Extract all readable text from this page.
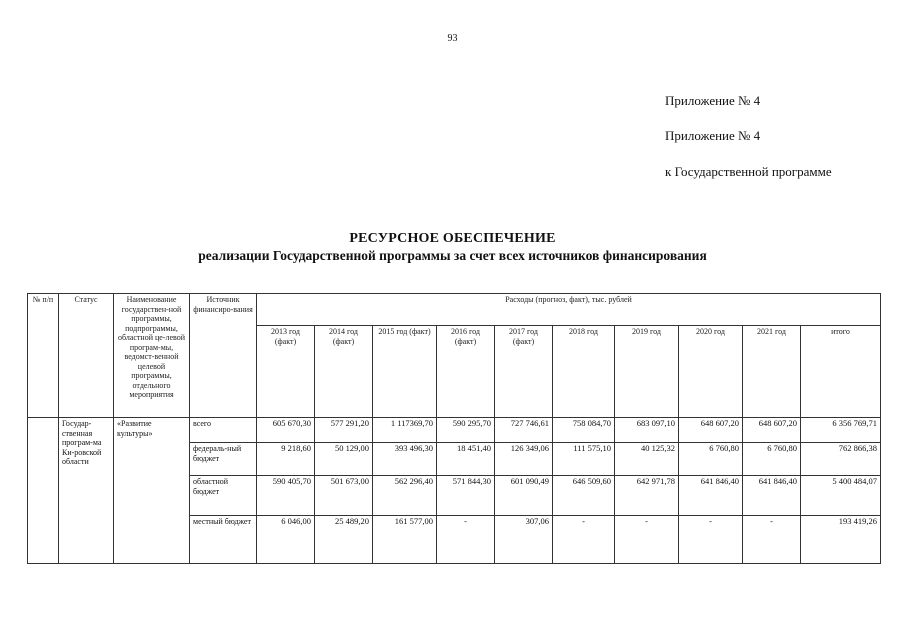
93
Приложение № 4
Приложение № 4
к Государственной программе
РЕСУРСНОЕ ОБЕСПЕЧЕНИЕ
реализации Государственной программы за счет всех источников финансирования
№ п/п	Статус	Наименование государствен-ной программы, подпрограммы, областной це-левой програм-мы, ведомст-венной целевой программы, отдельного мероприятия	Источник финансиро-вания	Расходы (прогноз, факт), тыс. рублей									
				2013 год (факт)	2014 год (факт)	2015 год (факт)	2016 год (факт)	2017 год (факт)	2018 год	2019 год	2020 год	2021 год	итого
	Государ-ственная програм-ма Ки-ровской области	«Развитие культуры»	всего	605 670,30	577 291,20	1 117369,70	590 295,70	727 746,61	758 084,70	683 097,10	648 607,20	648 607,20	6 356 769,71
			федераль-ный бюджет	9 218,60	50 129,00	393 496,30	18 451,40	126 349,06	111 575,10	40 125,32	6 760,80	6 760,80	762 866,38
			областной бюджет	590 405,70	501 673,00	562 296,40	571 844,30	601 090,49	646 509,60	642 971,78	641 846,40	641 846,40	5 400 484,07
			местный бюджет	6 046,00	25 489,20	161 577,00	-	307,06	-	-	-	-	193 419,26
